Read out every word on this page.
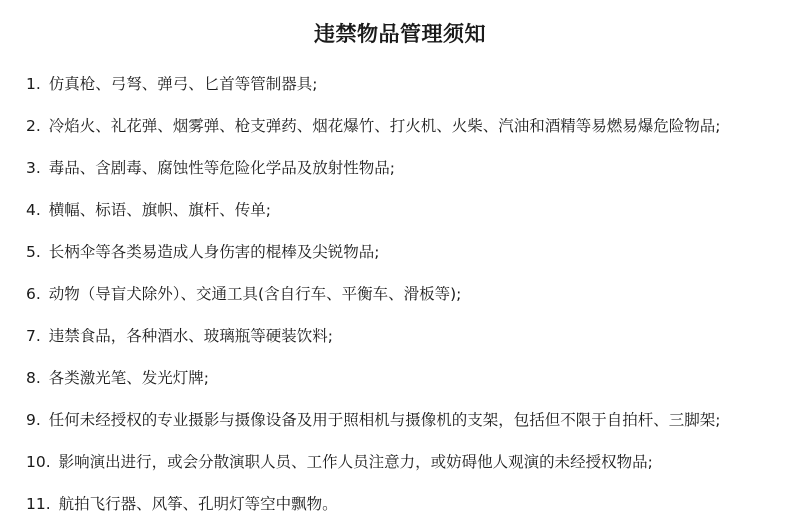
违禁物品管理须知
1. 仿真枪、弓弩、弹弓、匕首等管制器具;
2. 冷焰火、礼花弹、烟雾弹、枪支弹药、烟花爆竹、打火机、火柴、汽油和酒精等易燃易爆危险物品;
3. 毒品、含剧毒、腐蚀性等危险化学品及放射性物品;
4. 横幅、标语、旗帜、旗杆、传单;
5. 长柄伞等各类易造成人身伤害的棍棒及尖锐物品;
6. 动物（导盲犬除外）、交通工具(含自行车、平衡车、滑板等);
7. 违禁食品，各种酒水、玻璃瓶等硬装饮料;
8. 各类激光笔、发光灯牌;
9. 任何未经授权的专业摄影与摄像设备及用于照相机与摄像机的支架，包括但不限于自拍杆、三脚架;
10. 影响演出进行，或会分散演职人员、工作人员注意力，或妨碍他人观演的未经授权物品;
11. 航拍飞行器、风筝、孔明灯等空中飘物。
